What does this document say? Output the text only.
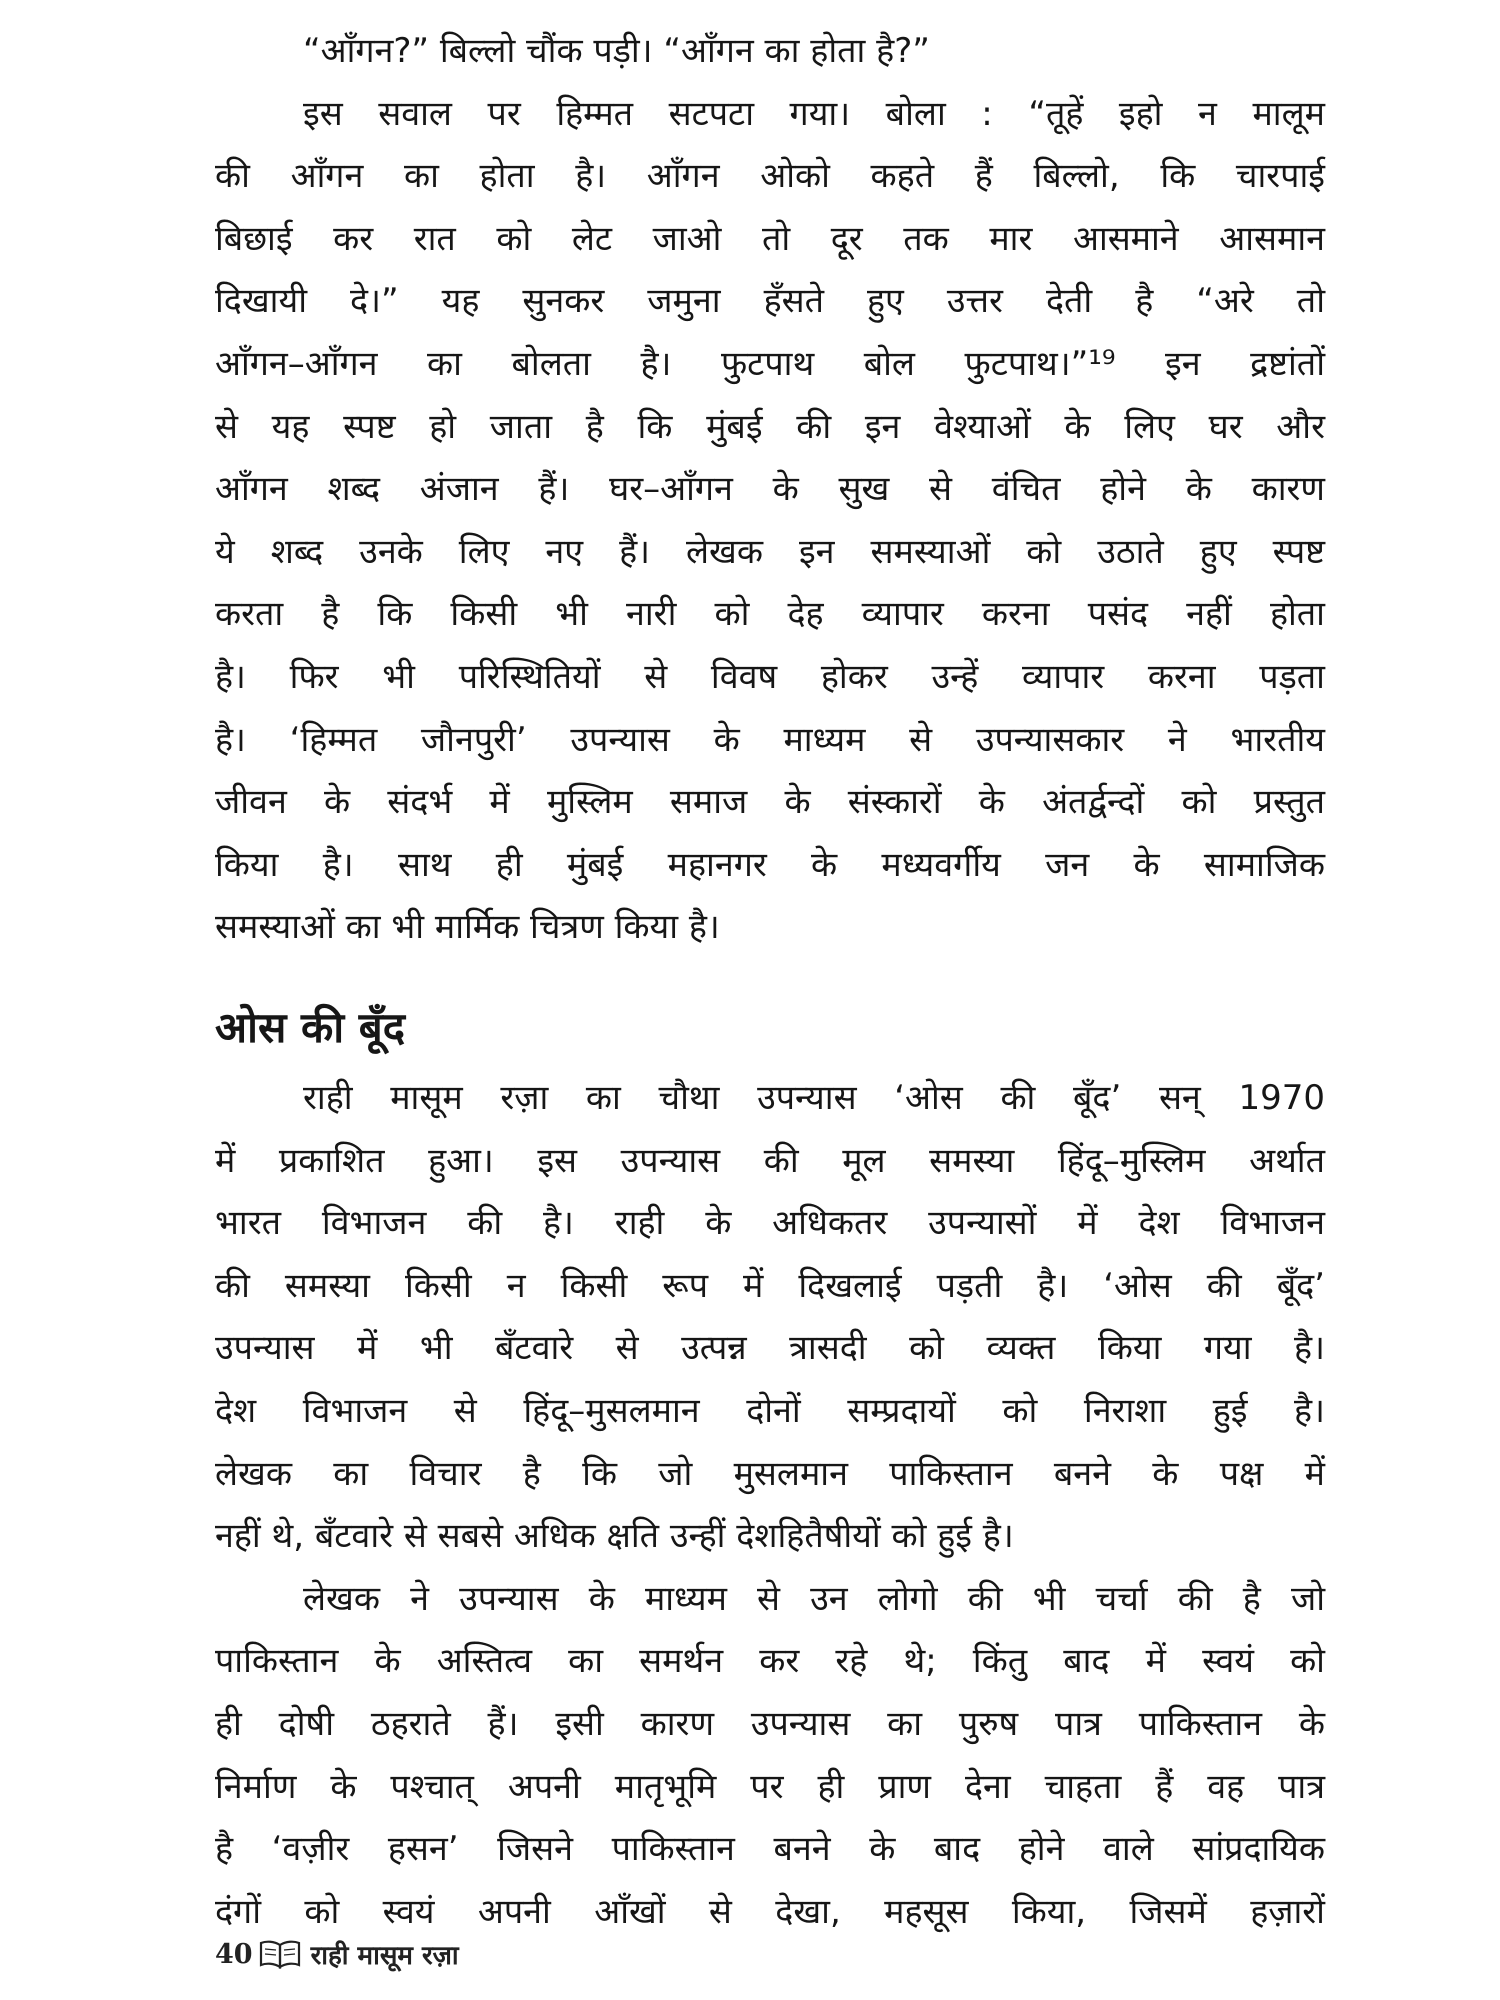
“आँगन?” बिल्लो चौंक पड़ी। “आँगन का होता है?”
इस सवाल पर हिम्मत सटपटा गया। बोला : “तूहें इहो न मालूम
की आँगन का होता है। आँगन ओको कहते हैं बिल्लो, कि चारपाई
बिछाई कर रात को लेट जाओ तो दूर तक मार आसमाने आसमान
दिखायी दे।” यह सुनकर जमुना हँसते हुए उत्तर देती है “अरे तो
आँगन–आँगन का बोलता है। फुटपाथ बोल फुटपाथ।”¹⁹ इन द्रष्टांतों
से यह स्पष्ट हो जाता है कि मुंबई की इन वेश्याओं के लिए घर और
आँगन शब्द अंजान हैं। घर–आँगन के सुख से वंचित होने के कारण
ये शब्द उनके लिए नए हैं। लेखक इन समस्याओं को उठाते हुए स्पष्ट
करता है कि किसी भी नारी को देह व्यापार करना पसंद नहीं होता
है। फिर भी परिस्थितियों से विवष होकर उन्हें व्यापार करना पड़ता
है। ‘हिम्मत जौनपुरी’ उपन्यास के माध्यम से उपन्यासकार ने भारतीय
जीवन के संदर्भ में मुस्लिम समाज के संस्कारों के अंतर्द्वन्दों को प्रस्तुत
किया है। साथ ही मुंबई महानगर के मध्यवर्गीय जन के सामाजिक
समस्याओं का भी मार्मिक चित्रण किया है।
ओस की बूँद
राही मासूम रज़ा का चौथा उपन्यास ‘ओस की बूँद’ सन् 1970
में प्रकाशित हुआ। इस उपन्यास की मूल समस्या हिंदू–मुस्लिम अर्थात
भारत विभाजन की है। राही के अधिकतर उपन्यासों में देश विभाजन
की समस्या किसी न किसी रूप में दिखलाई पड़ती है। ‘ओस की बूँद’
उपन्यास में भी बँटवारे से उत्पन्न त्रासदी को व्यक्त किया गया है।
देश विभाजन से हिंदू–मुसलमान दोनों सम्प्रदायों को निराशा हुई है।
लेखक का विचार है कि जो मुसलमान पाकिस्तान बनने के पक्ष में
नहीं थे, बँटवारे से सबसे अधिक क्षति उन्हीं देशहितैषीयों को हुई है।
लेखक ने उपन्यास के माध्यम से उन लोगो की भी चर्चा की है जो
पाकिस्तान के अस्तित्व का समर्थन कर रहे थे; किंतु बाद में स्वयं को
ही दोषी ठहराते हैं। इसी कारण उपन्यास का पुरुष पात्र पाकिस्तान के
निर्माण के पश्चात् अपनी मातृभूमि पर ही प्राण देना चाहता हैं वह पात्र
है ‘वज़ीर हसन’ जिसने पाकिस्तान बनने के बाद होने वाले सांप्रदायिक
दंगों को स्वयं अपनी आँखों से देखा, महसूस किया, जिसमें हज़ारों
40 राही मासूम रज़ा
